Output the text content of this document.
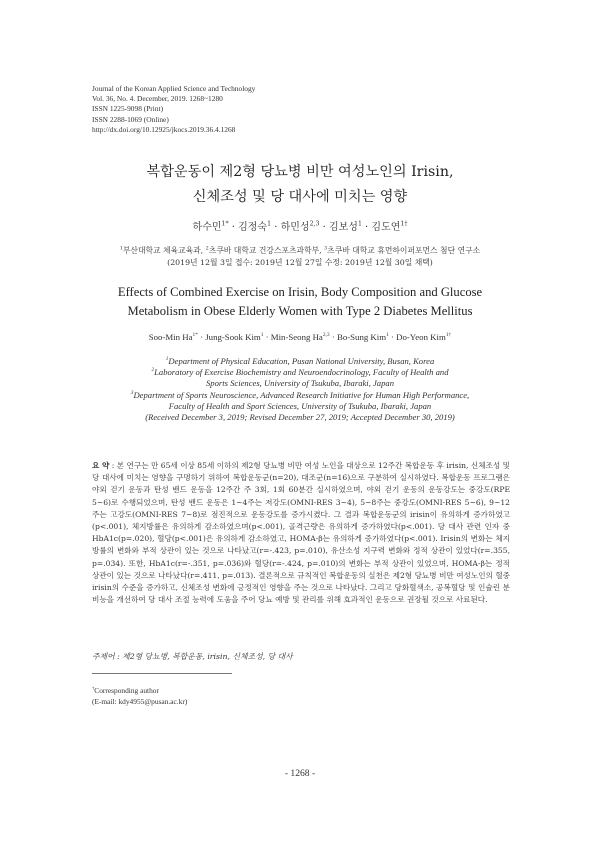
Journal of the Korean Applied Science and Technology
Vol. 36, No. 4. December, 2019. 1268~1280
ISSN 1225-9098 (Print)
ISSN 2288-1069 (Online)
http://dx.doi.org/10.12925/jkocs.2019.36.4.1268
복합운동이 제2형 당뇨병 비만 여성노인의 Irisin,
신체조성 및 당 대사에 미치는 영향
하수민$^{1*}$ · 김정숙$^1$ · 하민성$^{2,3}$ · 김보성$^1$ · 김도연$^{1\dagger}$
$^1$부산대학교 체육교육과, $^2$츠쿠바 대학교 건강스포츠과학부, $^3$츠쿠바 대학교 휴먼하이퍼포먼스 첨단 연구소
(2019년 12월 3일 접수: 2019년 12월 27일 수정: 2019년 12월 30일 채택)
Effects of Combined Exercise on Irisin, Body Composition and Glucose
Metabolism in Obese Elderly Women with Type 2 Diabetes Mellitus
Soo-Min $Ha^{1*}$ · Jung-Sook Kim$^1$ · Min-Seong Ha$^{2,3}$ · Bo-Sung Kim$^1$ · Do-Yeon Kim$^{1\dagger}$
$^1$Department of Physical Education, Pusan National University, Busan, Korea
$^2$Laboratory of Exercise Biochemistry and Neuroendocrinology, Faculty of Health and
Sports Sciences, University of Tsukuba, Ibaraki, Japan
$^3$Department of Sports Neuroscience, Advanced Research Initiative for Human High Performance,
Faculty of Health and Sport Sciences, University of Tsukuba, Ibaraki, Japan
(Received December 3, 2019; Revised December 27, 2019; Accepted December 30, 2019)
요 약 : 본 연구는 만 65세 이상 85세 이하의 제2형 당뇨병 비만 여성 노인을 대상으로 12주간 복합운동 후 irisin, 신체조성 및 당 대사에 미치는 영향을 구명하기 위하여 복합운동군(n=20), 대조군(n=16)으로 구분하여 실시하였다. 복합운동 프로그램은 야외 걷기 운동과 탄성 밴드 운동을 12주간 주 3회, 1회 60분간 실시하였으며, 야외 걷기 운동의 운동강도는 중강도(RPE 5~6)로 수행되었으며, 탄성 밴드 운동은 1~4주는 저강도(OMNI-RES 3~4), 5~8주는 중강도(OMNI-RES 5~6), 9~12주는 고강도(OMNI-RES 7~8)로 점진적으로 운동강도를 증가시켰다. 그 결과 복합운동군의 irisin이 유의하게 증가하였고(p<.001), 체지방률은 유의하게 감소하였으며(p<.001), 골격근량은 유의하게 증가하였다(p<.001). 당 대사 관련 인자 중 HbA1c(p=.020), 혈당(p<.001)은 유의하게 감소하였고, HOMA-β는 유의하게 증가하였다(p<.001). Irisin의 변화는 체지방률의 변화와 부적 상관이 있는 것으로 나타났고(r=-.423, p=.010), 유산소성 지구력 변화와 정적 상관이 있었다(r=.355, p=.034). 또한, HbA1c(r=-.351, p=.036)와 혈당(r=-.424, p=.010)의 변화는 부적 상관이 있었으며, HOMA-β는 정적 상관이 있는 것으로 나타났다(r=.411, p=.013). 결론적으로 규칙적인 복합운동의 실천은 제2형 당뇨병 비만 여성노인의 혈중 irisin의 수준을 증가하고, 신체조성 변화에 긍정적인 영향을 주는 것으로 나타났다. 그리고 당화혈색소, 공복혈당 및 인슐린 분비능을 개선하여 당 대사 조절 능력에 도움을 주어 당뇨 예방 및 관리를 위해 효과적인 운동으로 권장될 것으로 사료된다.
주제어 : 제2형 당뇨병, 복합운동, irisin, 신체조성, 당 대사
†Corresponding author
(E-mail: kdy4955@pusan.ac.kr)
- 1268 -
